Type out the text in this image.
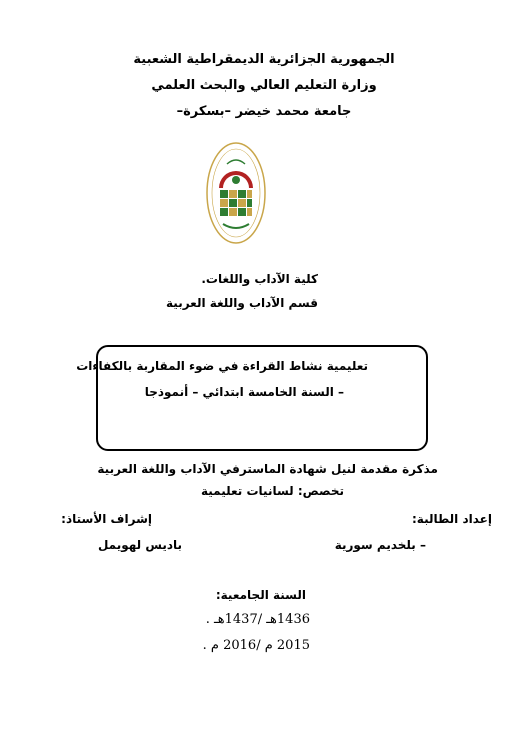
الجمهورية الجزائرية الديمقراطية الشعبية
وزارة التعليم العالي والبحث العلمي
جامعة محمد خيضر –بسكرة–
كلية الآداب واللغات.
قسم الآداب واللغة العربية
تعليمية نشاط القراءة في ضوء المقاربة بالكفاءات
– السنة الخامسة ابتدائي – أنموذجا
مذكرة مقدمة لنيل شهادة الماسترفي الآداب واللغة العربية
تخصص: لسانيات تعليمية
إعداد الطالبة:
إشراف الأستاذ:
– بلخديم سورية
باديس لهويمل
السنة الجامعية:
1436هـ /1437هـ .
2015 م /2016 م .
